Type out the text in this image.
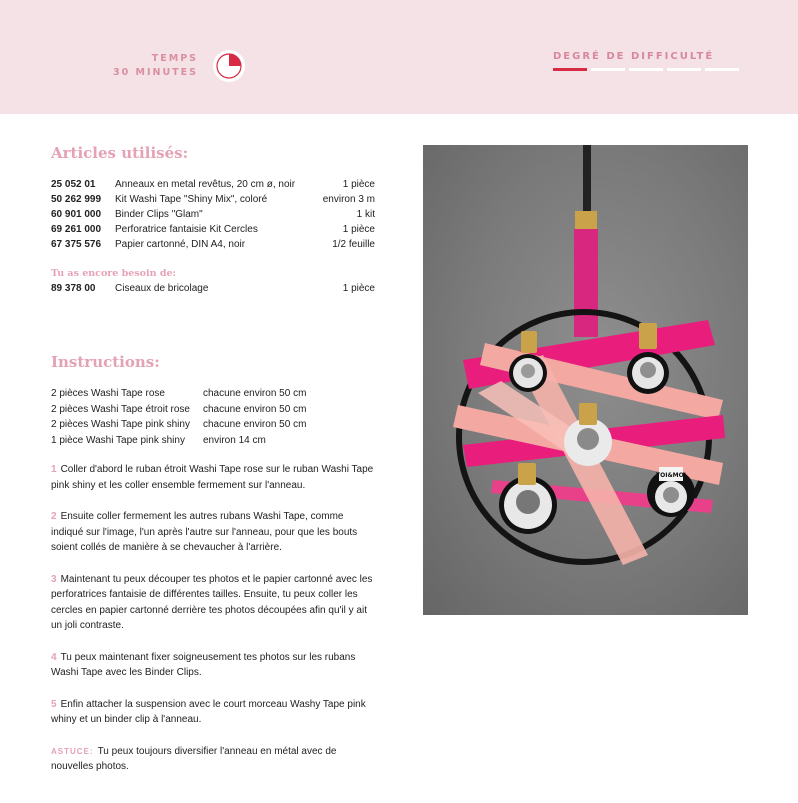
TEMPS
30 MINUTES
DEGRÉ DE DIFFICULTÉ
Articles utilisés:
25 052 01	Anneaux en metal revêtus, 20 cm ø, noir	1 pièce
50 262 999	Kit Washi Tape "Shiny Mix", coloré	environ 3 m
60 901 000	Binder Clips "Glam"	1 kit
69 261 000	Perforatrice fantaisie Kit Cercles	1 pièce
67 375 576	Papier cartonné, DIN A4, noir	1/2 feuille
Tu as encore besoin de:
89 378 00	Ciseaux de bricolage	1 pièce
Instructions:
2 pièces Washi Tape rose	chacune environ 50 cm
2 pièces Washi Tape étroit rose	chacune environ 50 cm
2 pièces Washi Tape pink shiny	chacune environ 50 cm
1 pièce Washi Tape pink shiny	environ 14 cm
1 Coller d'abord le ruban étroit Washi Tape rose sur le ruban Washi Tape pink shiny et les coller ensemble fermement sur l'anneau.
2 Ensuite coller fermement les autres rubans Washi Tape, comme indiqué sur l'image, l'un après l'autre sur l'anneau, pour que les bouts soient collés de manière à se chevaucher à l'arrière.
3 Maintenant tu peux découper tes photos et le papier cartonné avec les perforatrices fantaisie de différentes tailles. Ensuite, tu peux coller les cercles en papier cartonné derrière tes photos découpées afin qu'il y ait un joli contraste.
4 Tu peux maintenant fixer soigneusement tes photos sur les rubans Washi Tape avec les Binder Clips.
5 Enfin attacher la suspension avec le court morceau Washy Tape pink whiny et un binder clip à l'anneau.
ASTUCE: Tu peux toujours diversifier l'anneau en métal avec de nouvelles photos.
TOI&MOI
